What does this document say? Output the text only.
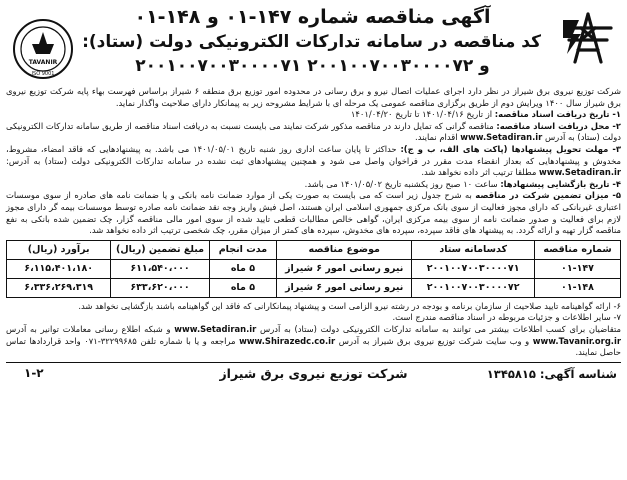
آگهی مناقصه شماره ۱۴۷-۰۱ و ۱۴۸-۰۱
کد مناقصه در سامانه تدارکات الکترونیکی دولت (ستاد):
۲۰۰۱۰۰۷۰۰۳۰۰۰۰۷۱ و ۲۰۰۱۰۰۷۰۰۳۰۰۰۰۷۲
TAVANIR
ISO 9001

شرکت توزیع نیروی برق شیراز در نظر دارد اجرای عملیات اتصال نیرو و برق رسانی در محدوده امور توزیع برق منطقه ۶ شیراز براساس فهرست بهاء پایه شرکت توزیع نیروی برق شیراز سال ۱۴۰۰ ویرایش دوم از طریق برگزاری مناقصه عمومی یک مرحله ای با شرایط مشروحه زیر به پیمانکار دارای صلاحیت واگذار نماید.

۱- تاریخ دریافت اسناد مناقصه: از تاریخ ۱۴۰۱/۰۴/۱۶ تا تاریخ ۱۴۰۱/۰۴/۲۰

۲- محل دریافت اسناد مناقصه: مناقصه گرانی که تمایل دارند در مناقصه مذکور شرکت نمایند می بایست نسبت به دریافت اسناد مناقصه از طریق سامانه تدارکات الکترونیکی دولت (ستاد) به آدرس www.Setadiran.ir اقدام نمایند.

۳- مهلت تحویل پیشنهادها (پاکت های الف، ب و ج): حداکثر تا پایان ساعت اداری روز شنبه تاریخ ۱۴۰۱/۰۵/۰۱ می باشد. به پیشنهادهایی که فاقد امضاء، مشروط، مخدوش و پیشنهادهایی که بعداز انقضاء مدت مقرر در فراخوان واصل می شود و همچنین پیشنهادهای ثبت نشده در سامانه تدارکات الکترونیکی دولت (ستاد) به آدرس: www.Setadiran.ir مطلقا ترتیب اثر داده نخواهد شد.

۴- تاریخ بازگشایی پیشنهادها: ساعت ۱۰ صبح روز یکشنبه تاریخ ۱۴۰۱/۰۵/۰۲ می باشد.

۵- میزان تضمین شرکت در مناقصه به شرح جدول زیر است که می بایست به صورت یکی از موارد ضمانت نامه بانکی و یا ضمانت نامه های صادره از سوی موسسات اعتباری غیربانکی که دارای مجوز فعالیت از سوی بانک مرکزی جمهوری اسلامی ایران هستند، اصل فیش واریز وجه نقد ضمانت نامه صادره توسط موسسات بیمه گر دارای مجوز لازم برای فعالیت و صدور ضمانت نامه از سوی بیمه مرکزی ایران، گواهی خالص مطالبات قطعی تایید شده از سوی امور مالی مناقصه گزار، چک تضمین شده بانکی به نفع مناقصه گزار تهیه و ارائه گردد. به پیشنهاد های فاقد سپرده، سپرده های مخدوش، سپرده های کمتر از میزان مقرر، چک شخصی ترتیب اثر داده نخواهد شد.

شماره مناقصه	کدسامانه ستاد	موضوع مناقصه	مدت انجام	مبلغ تضمین (ریال)	برآورد (ریال)
۰۱-۱۴۷	۲۰۰۱۰۰۷۰۰۳۰۰۰۰۷۱	نیرو رسانی امور ۶ شیراز	۵ ماه	۶۱۱،۵۴۰،۰۰۰	۶،۱۱۵،۴۰۱،۱۸۰
۰۱-۱۴۸	۲۰۰۱۰۰۷۰۰۳۰۰۰۰۷۲	نیرو رسانی امور ۶ شیراز	۵ ماه	۶۳۳،۶۲۰،۰۰۰	۶،۳۳۶،۲۶۹،۳۱۹

۶- ارائه گواهینامه تایید صلاحیت از سازمان برنامه و بودجه در رشته نیرو الزامی است و پیشنهاد پیمانکارانی که فاقد این گواهینامه باشند بازگشایی نخواهد شد.

۷- سایر اطلاعات و جزئیات مربوطه در اسناد مناقصه مندرج است.

متقاضیان برای کسب اطلاعات بیشتر می توانند به سامانه تدارکات الکترونیکی دولت (ستاد) به آدرس www.Setadiran.ir و شبکه اطلاع رسانی معاملات توانیر به آدرس www.Tavanir.org.ir و وب سایت شرکت توزیع نیروی برق شیراز به آدرس www.Shirazedc.co.ir مراجعه و یا با شماره تلفن ۳۲۲۹۹۶۸۵-۰۷۱ واحد قراردادها تماس حاصل نمایند.

شناسه آگهی: ۱۳۴۵۸۱۵
شرکت توزیع نیروی برق شیراز
۱-۲
